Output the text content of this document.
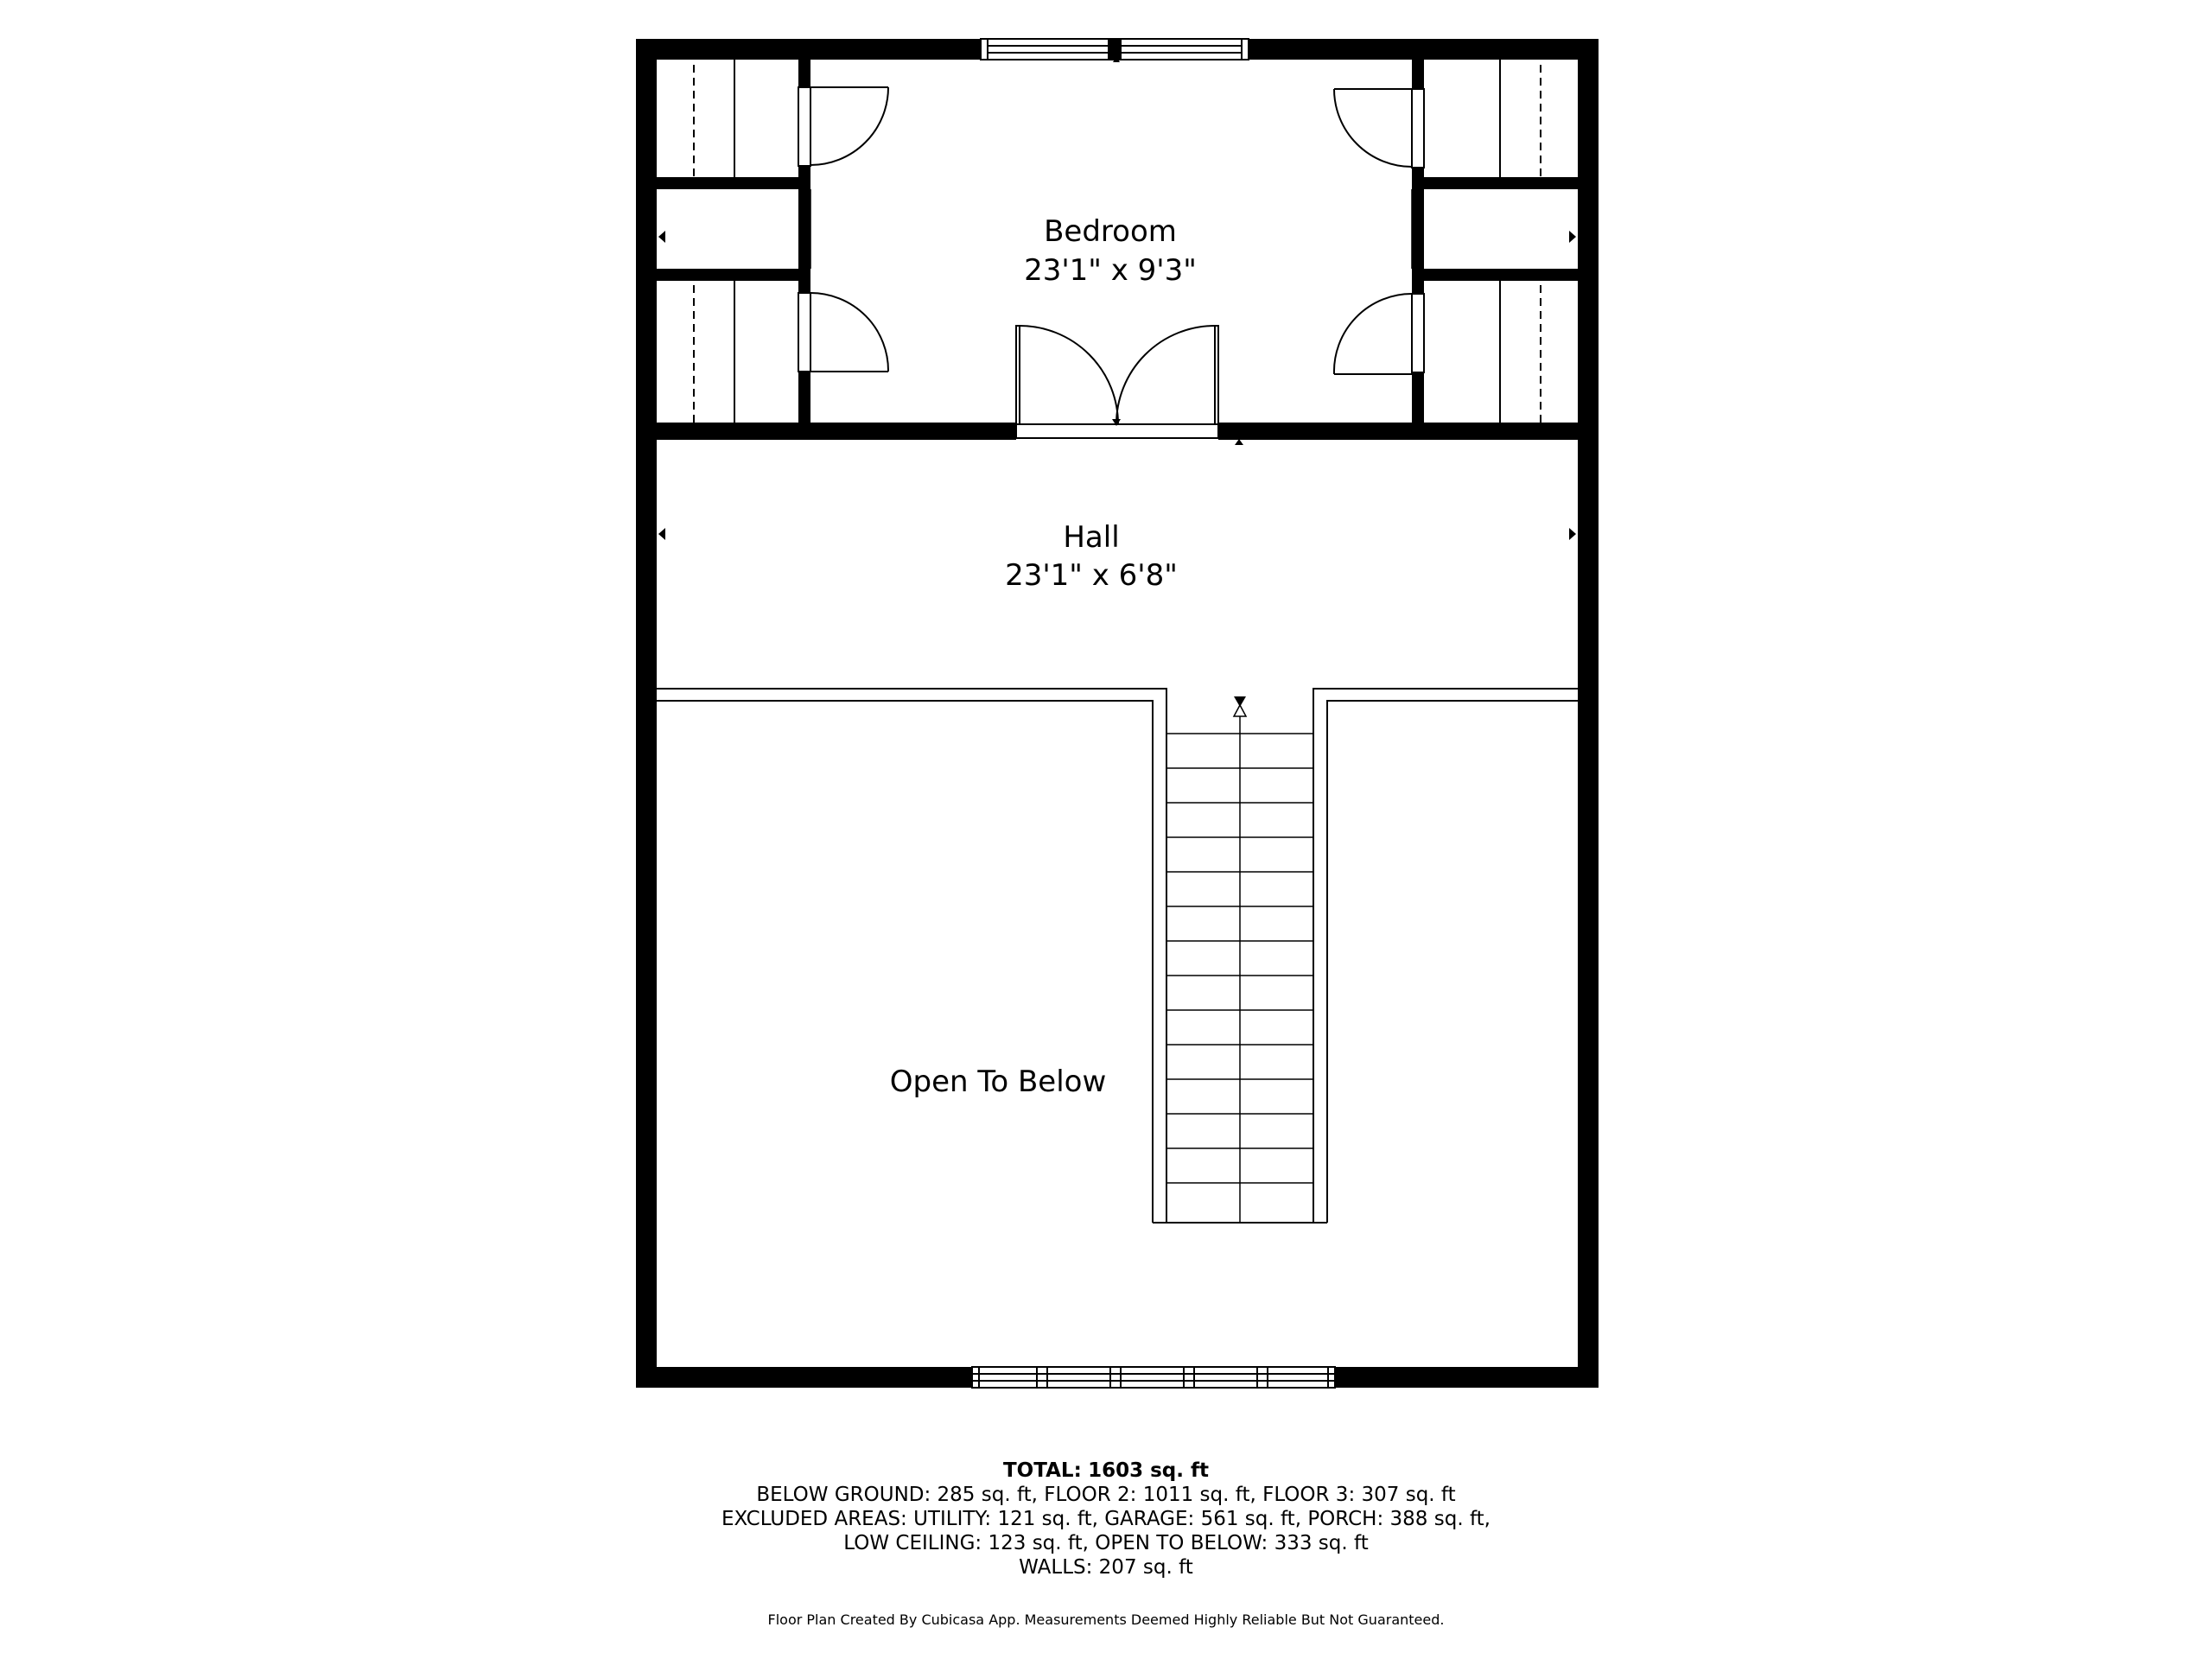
Bedroom
23'1" x 9'3"
Hall
23'1" x 6'8"
Open To Below
TOTAL: 1603 sq. ft
BELOW GROUND: 285 sq. ft, FLOOR 2: 1011 sq. ft, FLOOR 3: 307 sq. ft
EXCLUDED AREAS: UTILITY: 121 sq. ft, GARAGE: 561 sq. ft, PORCH: 388 sq. ft,
LOW CEILING: 123 sq. ft, OPEN TO BELOW: 333 sq. ft
WALLS: 207 sq. ft
Floor Plan Created By Cubicasa App. Measurements Deemed Highly Reliable But Not Guaranteed.
